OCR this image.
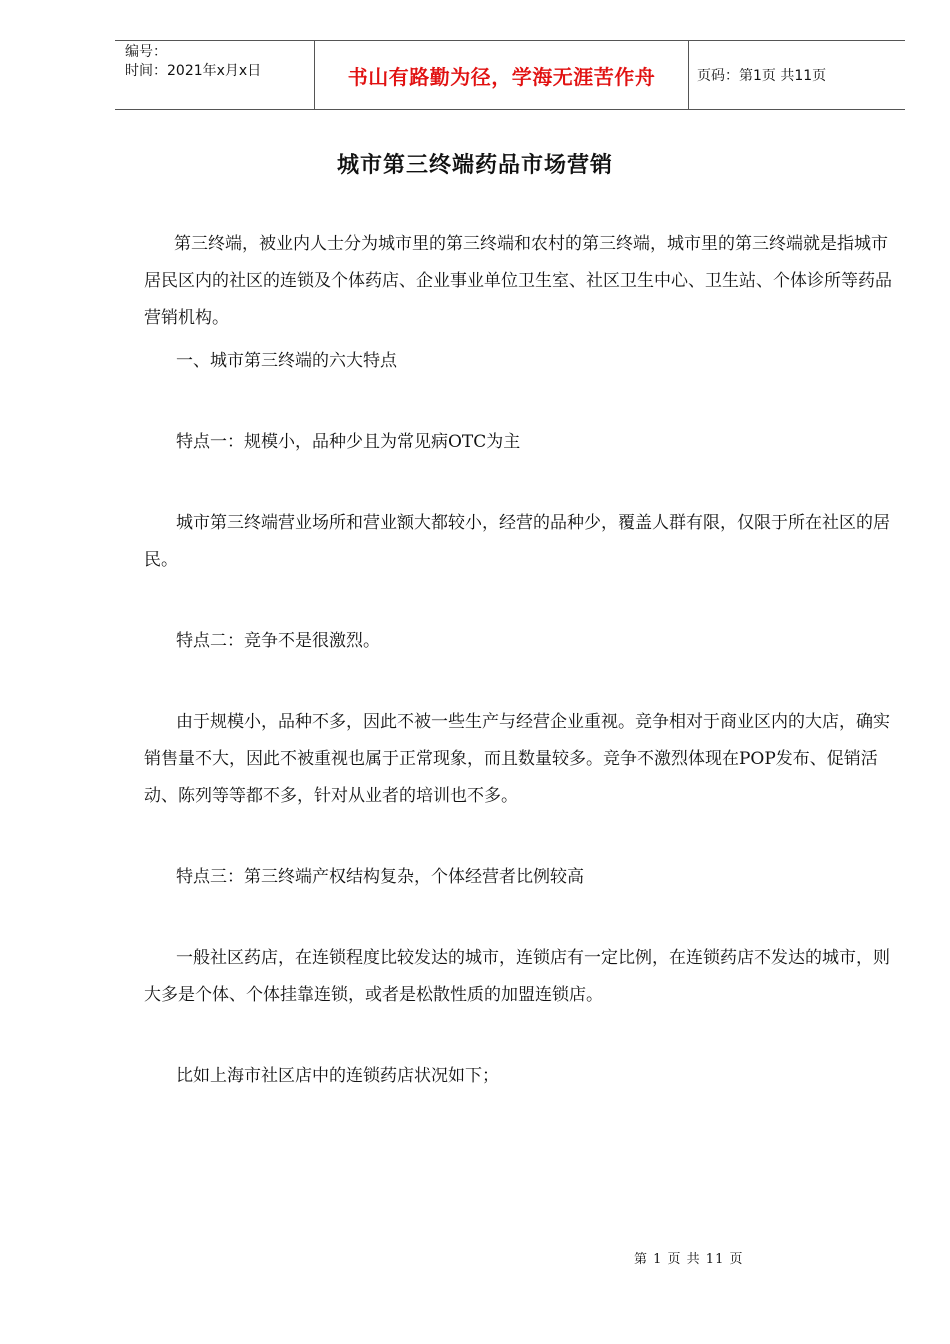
编号：
时间：2021年x月x日	书山有路勤为径，学海无涯苦作舟	页码：第1页 共11页
城市第三终端药品市场营销

第三终端，被业内人士分为城市里的第三终端和农村的第三终端，城市里的第三终端就是指城市居民区内的社区的连锁及个体药店、企业事业单位卫生室、社区卫生中心、卫生站、个体诊所等药品营销机构。

一、城市第三终端的六大特点

特点一：规模小，品种少且为常见病OTC为主

城市第三终端营业场所和营业额大都较小，经营的品种少，覆盖人群有限，仅限于所在社区的居民。

特点二：竞争不是很激烈。

由于规模小，品种不多，因此不被一些生产与经营企业重视。竞争相对于商业区内的大店，确实销售量不大，因此不被重视也属于正常现象，而且数量较多。竞争不激烈体现在POP发布、促销活动、陈列等等都不多，针对从业者的培训也不多。

特点三：第三终端产权结构复杂，个体经营者比例较高

一般社区药店，在连锁程度比较发达的城市，连锁店有一定比例，在连锁药店不发达的城市，则大多是个体、个体挂靠连锁，或者是松散性质的加盟连锁店。

比如上海市社区店中的连锁药店状况如下；

第 1 页 共 11 页
